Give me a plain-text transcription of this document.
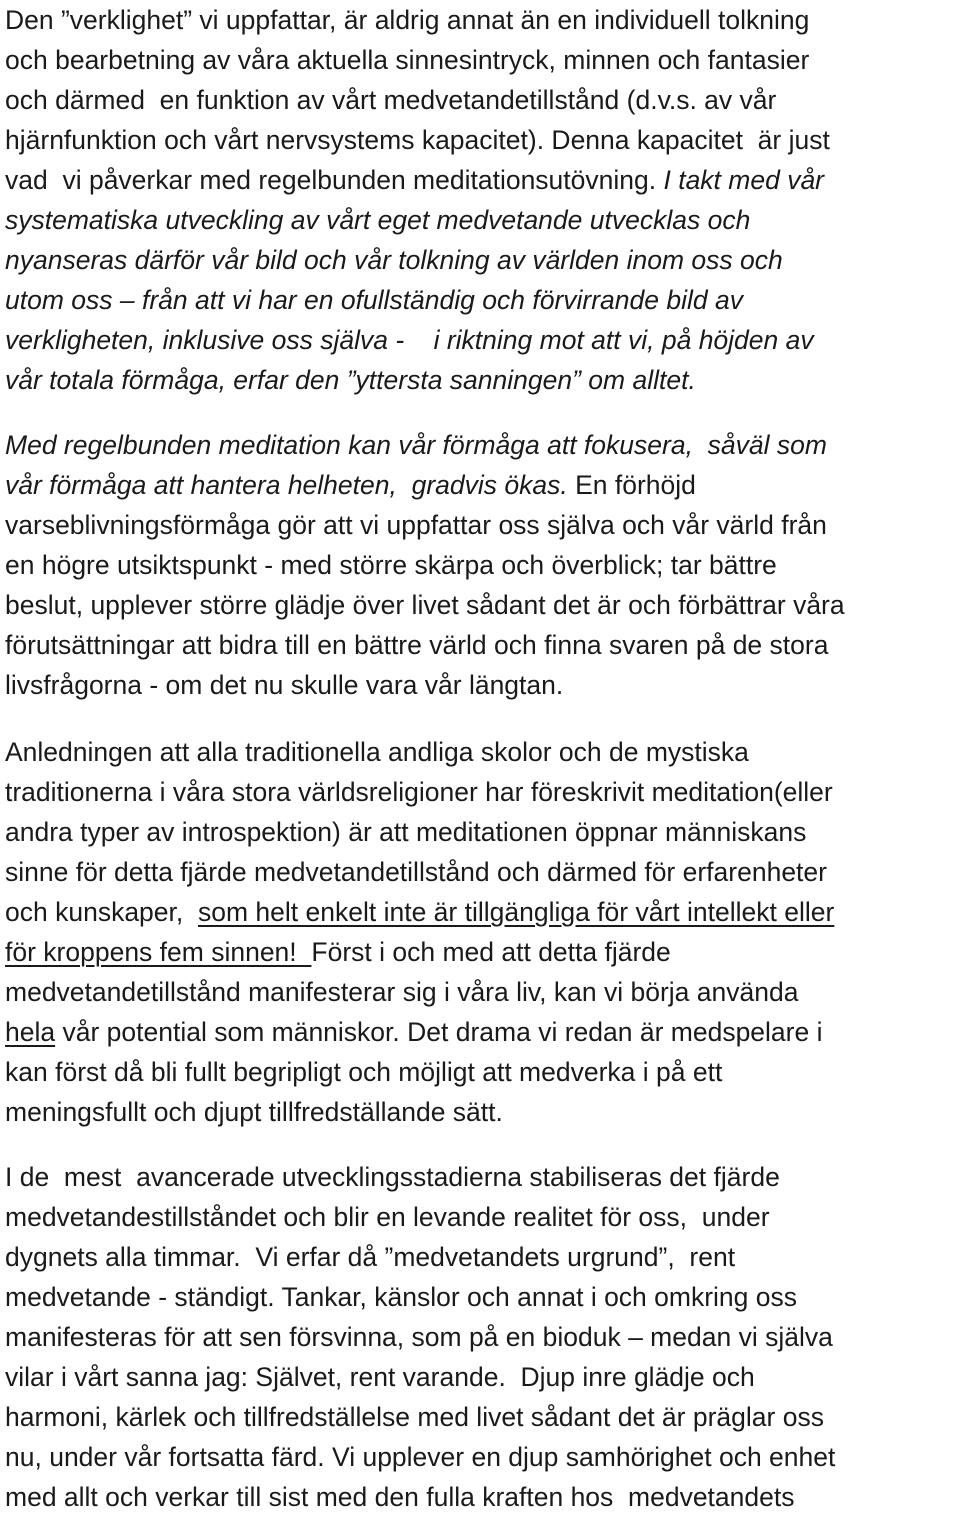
Den ”verklighet” vi uppfattar, är aldrig annat än en individuell tolkning
och bearbetning av våra aktuella sinnesintryck, minnen och fantasier
och därmed  en funktion av vårt medvetandetillstånd (d.v.s. av vår
hjärnfunktion och vårt nervsystems kapacitet). Denna kapacitet  är just
vad  vi påverkar med regelbunden meditationsutövning. I takt med vår
systematiska utveckling av vårt eget medvetande utvecklas och
nyanseras därför vår bild och vår tolkning av världen inom oss och
utom oss – från att vi har en ofullständig och förvirrande bild av
verkligheten, inklusive oss själva -    i riktning mot att vi, på höjden av
vår totala förmåga, erfar den ”yttersta sanningen” om alltet.
Med regelbunden meditation kan vår förmåga att fokusera,  såväl som
vår förmåga att hantera helheten,  gradvis ökas. En förhöjd
varseblivningsförmåga gör att vi uppfattar oss själva och vår värld från
en högre utsiktspunkt - med större skärpa och överblick; tar bättre
beslut, upplever större glädje över livet sådant det är och förbättrar våra
förutsättningar att bidra till en bättre värld och finna svaren på de stora
livsfrågorna - om det nu skulle vara vår längtan.
Anledningen att alla traditionella andliga skolor och de mystiska
traditionerna i våra stora världsreligioner har föreskrivit meditation(eller
andra typer av introspektion) är att meditationen öppnar människans
sinne för detta fjärde medvetandetillstånd och därmed för erfarenheter
och kunskaper,  som helt enkelt inte är tillgängliga för vårt intellekt eller
för kroppens fem sinnen!  Först i och med att detta fjärde
medvetandetillstånd manifesterar sig i våra liv, kan vi börja använda
hela vår potential som människor. Det drama vi redan är medspelare i
kan först då bli fullt begripligt och möjligt att medverka i på ett
meningsfullt och djupt tillfredställande sätt.
I de  mest  avancerade utvecklingsstadierna stabiliseras det fjärde
medvetandestillståndet och blir en levande realitet för oss,  under
dygnets alla timmar.  Vi erfar då ”medvetandets urgrund”,  rent
medvetande - ständigt. Tankar, känslor och annat i och omkring oss
manifesteras för att sen försvinna, som på en bioduk – medan vi själva
vilar i vårt sanna jag: Självet, rent varande.  Djup inre glädje och
harmoni, kärlek och tillfredställelse med livet sådant det är präglar oss
nu, under vår fortsatta färd. Vi upplever en djup samhörighet och enhet
med allt och verkar till sist med den fulla kraften hos  medvetandets
